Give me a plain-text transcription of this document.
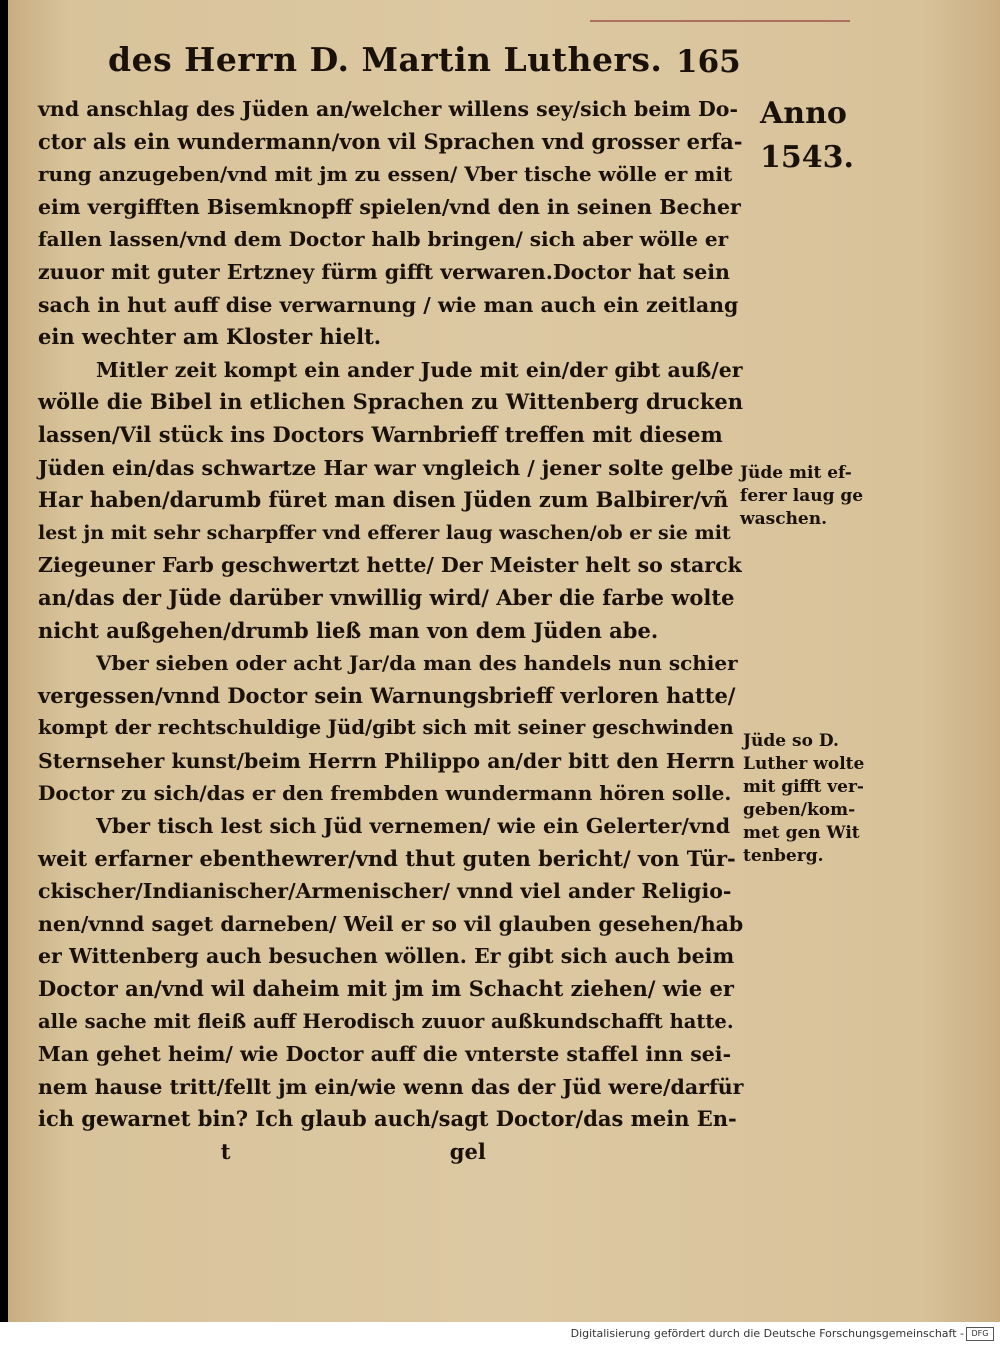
des Herrn D. Martin Luthers. 165
Anno
1543.
vnd anschlag des Jüden an/welcher willens sey/sich beim Do-
ctor als ein wundermann/von vil Sprachen vnd grosser erfa-
rung anzugeben/vnd mit jm zu essen/ Vber tische wölle er mit
eim vergifften Bisemknopff spielen/vnd den in seinen Becher
fallen lassen/vnd dem Doctor halb bringen/ sich aber wölle er
zuuor mit guter Ertzney fürm gifft verwaren.Doctor hat sein
sach in hut auff dise verwarnung / wie man auch ein zeitlang
ein wechter am Kloster hielt.
Mitler zeit kompt ein ander Jude mit ein/der gibt auß/er
wölle die Bibel in etlichen Sprachen zu Wittenberg drucken
lassen/Vil stück ins Doctors Warnbrieff treffen mit diesem
Jüden ein/das schwartze Har war vngleich / jener solte gelbe
Har haben/darumb füret man disen Jüden zum Balbirer/vñ
lest jn mit sehr scharpffer vnd efferer laug waschen/ob er sie mit
Ziegeuner Farb geschwertzt hette/ Der Meister helt so starck
an/das der Jüde darüber vnwillig wird/ Aber die farbe wolte
nicht außgehen/drumb ließ man von dem Jüden abe.
Vber sieben oder acht Jar/da man des handels nun schier
vergessen/vnnd Doctor sein Warnungsbrieff verloren hatte/
kompt der rechtschuldige Jüd/gibt sich mit seiner geschwinden
Sternseher kunst/beim Herrn Philippo an/der bitt den Herrn
Doctor zu sich/das er den frembden wundermann hören solle.
Vber tisch lest sich Jüd vernemen/ wie ein Gelerter/vnd
weit erfarner ebenthewrer/vnd thut guten bericht/ von Tür-
ckischer/Indianischer/Armenischer/ vnnd viel ander Religio-
nen/vnnd saget darneben/ Weil er so vil glauben gesehen/hab
er Wittenberg auch besuchen wöllen. Er gibt sich auch beim
Doctor an/vnd wil daheim mit jm im Schacht ziehen/ wie er
alle sache mit fleiß auff Herodisch zuuor außkundschafft hatte.
Man gehet heim/ wie Doctor auff die vnterste staffel inn sei-
nem hause tritt/fellt jm ein/wie wenn das der Jüd were/darfür
ich gewarnet bin? Ich glaub auch/sagt Doctor/das mein En-
t                              gel
Jüde mit ef-
ferer laug ge
waschen.
Jüde so D.
Luther wolte
mit gifft ver-
geben/kom-
met gen Wit
tenberg.
Digitalisierung gefördert durch die Deutsche Forschungsgemeinschaft - DFG
